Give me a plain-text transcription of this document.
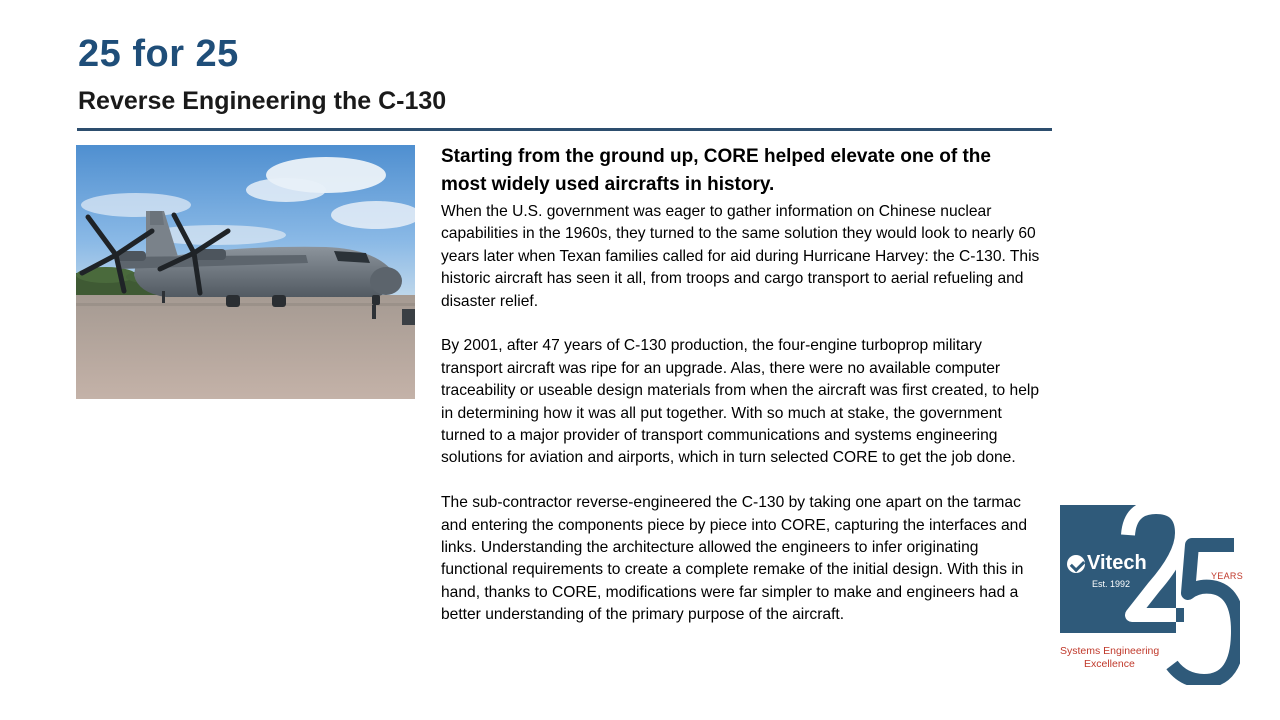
25 for 25
Reverse Engineering the C-130

Starting from the ground up, CORE helped elevate one of the most widely used aircrafts in history.

When the U.S. government was eager to gather information on Chinese nuclear capabilities in the 1960s, they turned to the same solution they would look to nearly 60 years later when Texan families called for aid during Hurricane Harvey: the C-130. This historic aircraft has seen it all, from troops and cargo transport to aerial refueling and disaster relief.

By 2001, after 47 years of C-130 production, the four-engine turboprop military transport aircraft was ripe for an upgrade. Alas, there were no available computer traceability or useable design materials from when the aircraft was first created, to help in determining how it was all put together. With so much at stake, the government turned to a major provider of transport communications and systems engineering solutions for aviation and airports, which in turn selected CORE to get the job done.

The sub-contractor reverse-engineered the C-130 by taking one apart on the tarmac and entering the components piece by piece into CORE, capturing the interfaces and links. Understanding the architecture allowed the engineers to infer originating functional requirements to create a complete remake of the initial design. With this in hand, thanks to CORE, modifications were far simpler to make and engineers had a better understanding of the primary purpose of the aircraft.

Vitech
Est. 1992
YEARS
Systems Engineering
Excellence
